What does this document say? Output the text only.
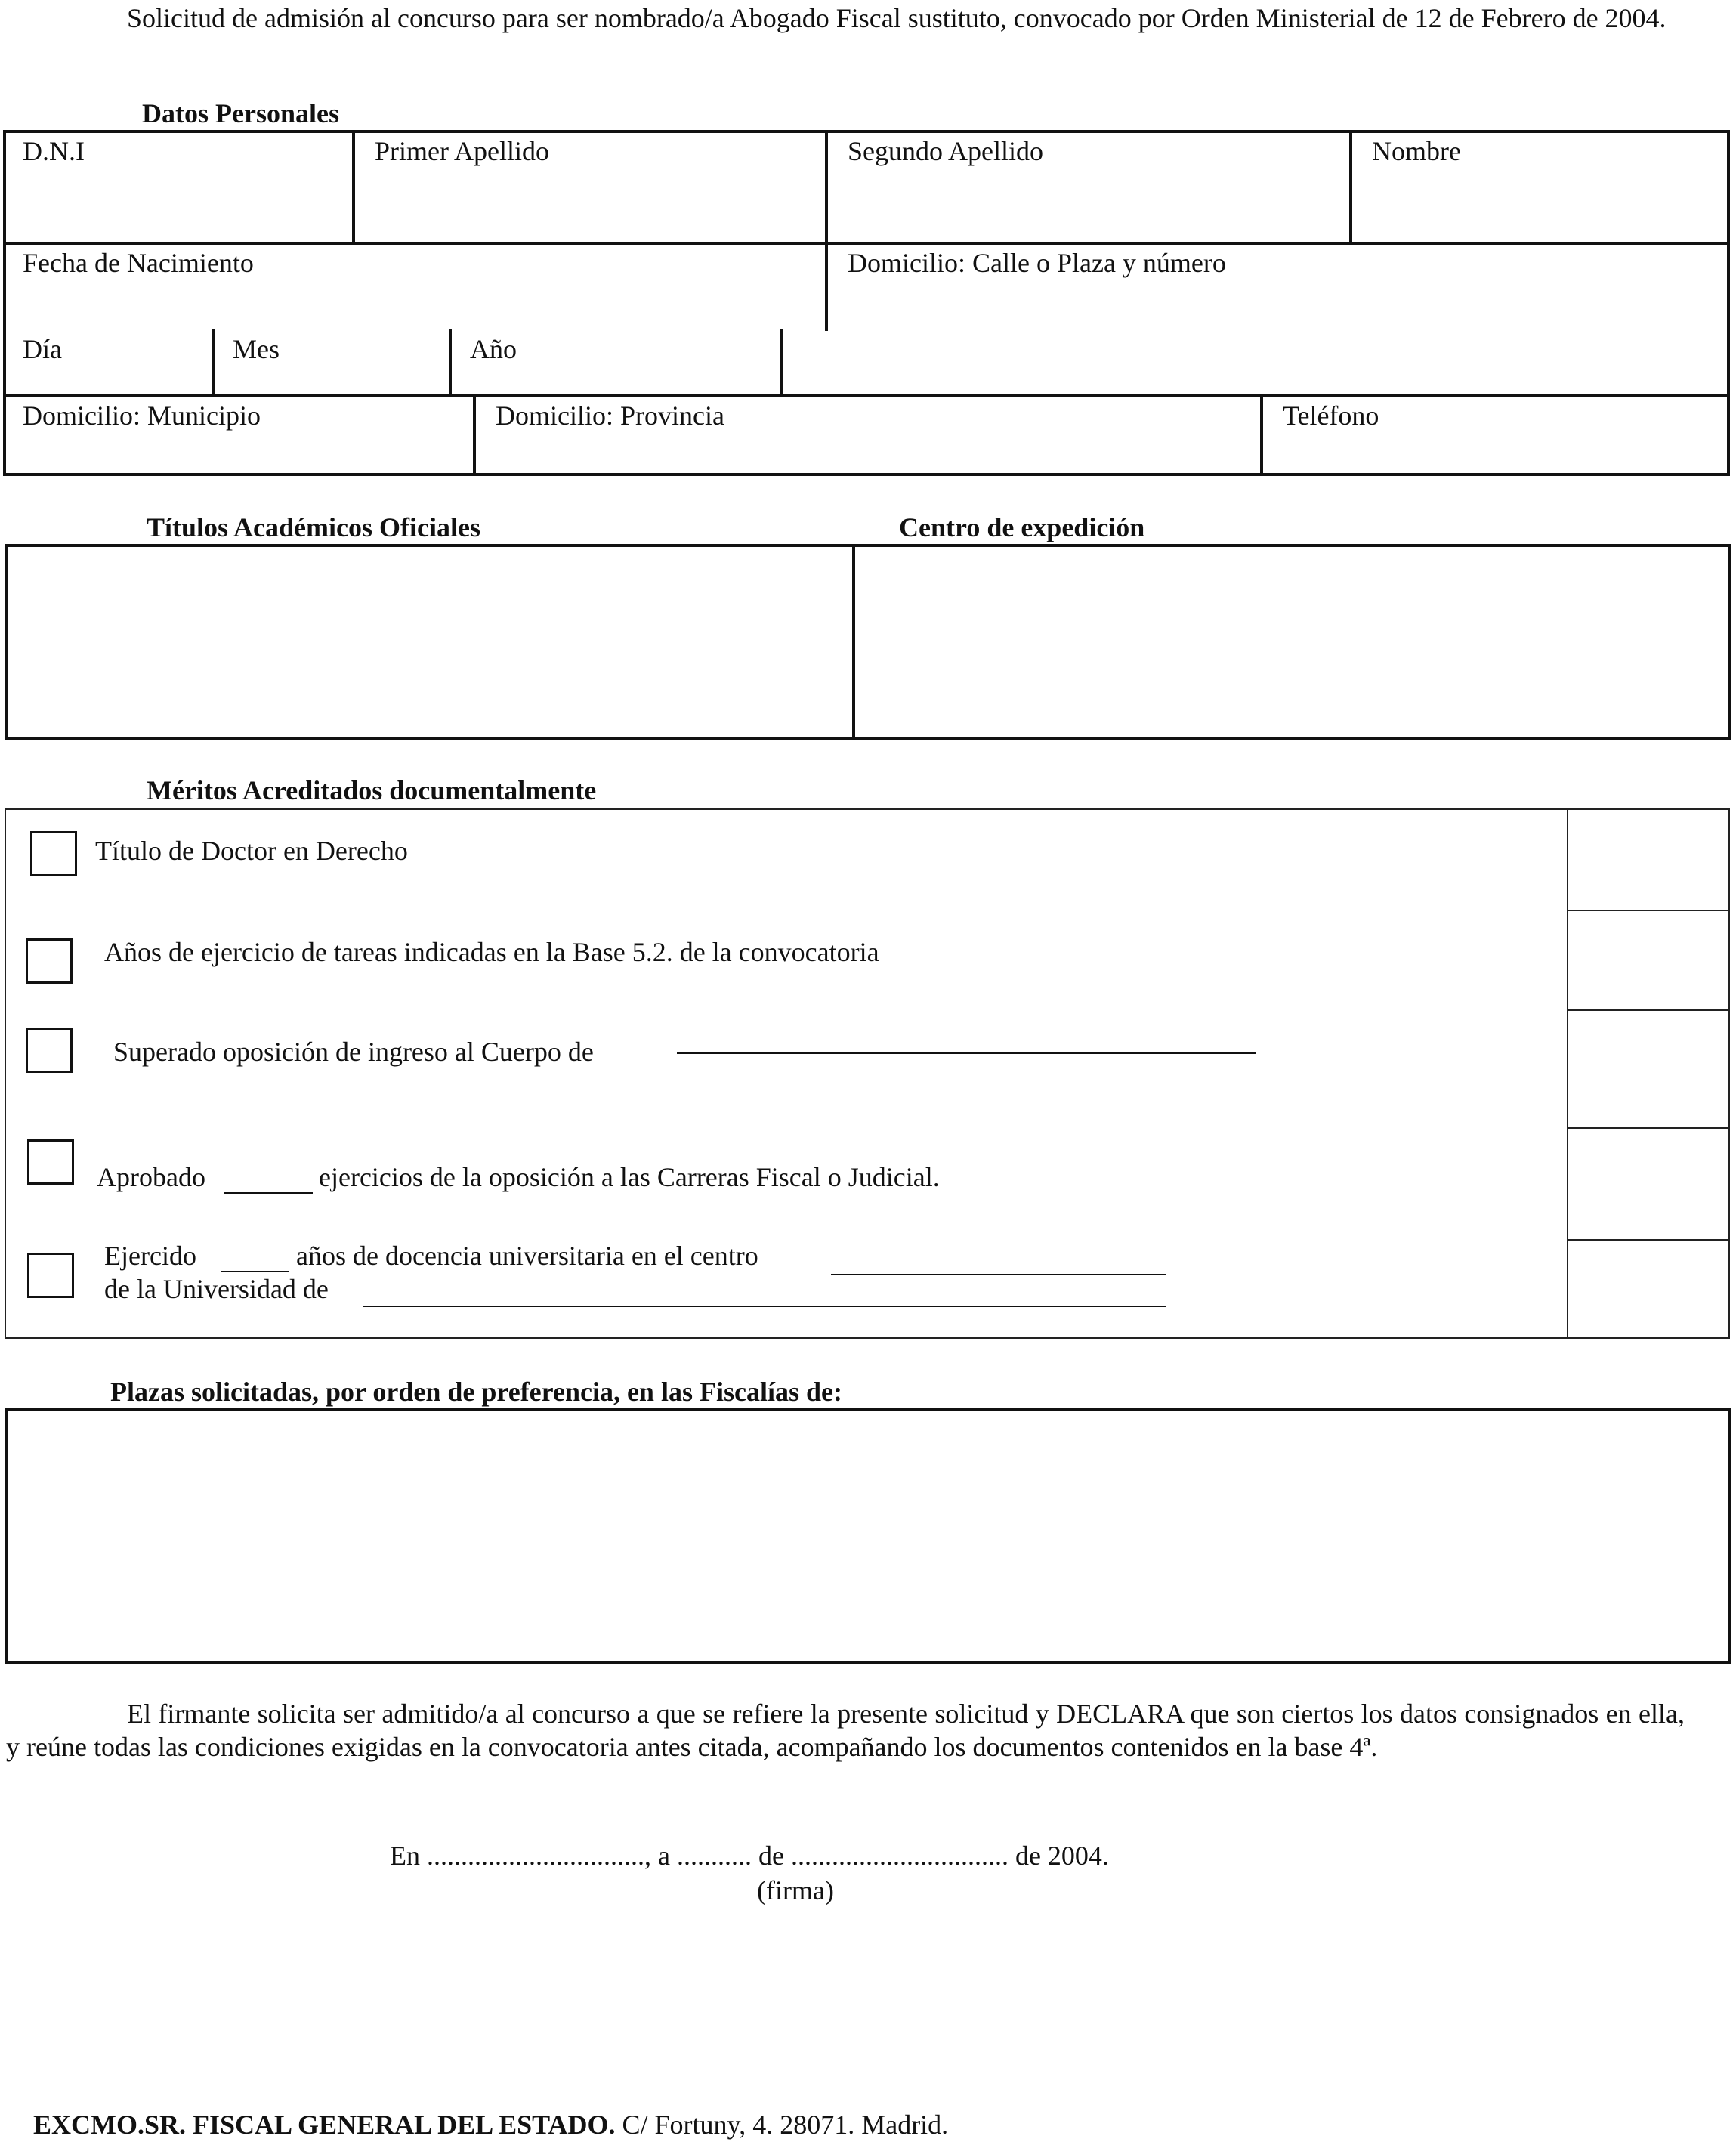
Solicitud de admisión al concurso para ser nombrado/a Abogado Fiscal sustituto, convocado por Orden Ministerial de 12 de Febrero de 2004.
Datos Personales
D.N.I	Primer Apellido	Segundo Apellido	Nombre
Fecha de Nacimiento	Domicilio: Calle o Plaza y número
Día	Mes	Año
Domicilio: Municipio	Domicilio: Provincia	Teléfono
Títulos Académicos Oficiales	Centro de expedición
Méritos Acreditados documentalmente
Título de Doctor en Derecho
Años de ejercicio de tareas indicadas en la Base 5.2. de la convocatoria
Superado oposición de ingreso al Cuerpo de
Aprobado	ejercicios de la oposición a las Carreras Fiscal o Judicial.
Ejercido	años de docencia universitaria en el centro
de la Universidad de
Plazas solicitadas, por orden de preferencia, en las Fiscalías de:
El firmante solicita ser admitido/a al concurso a que se refiere la presente solicitud y DECLARA que son ciertos los datos consignados en ella, y reúne todas las condiciones exigidas en la convocatoria antes citada, acompañando los documentos contenidos en la base 4ª.
En ................................, a ........... de ................................ de 2004.
(firma)
EXCMO.SR. FISCAL GENERAL DEL ESTADO. C/ Fortuny, 4. 28071. Madrid.
